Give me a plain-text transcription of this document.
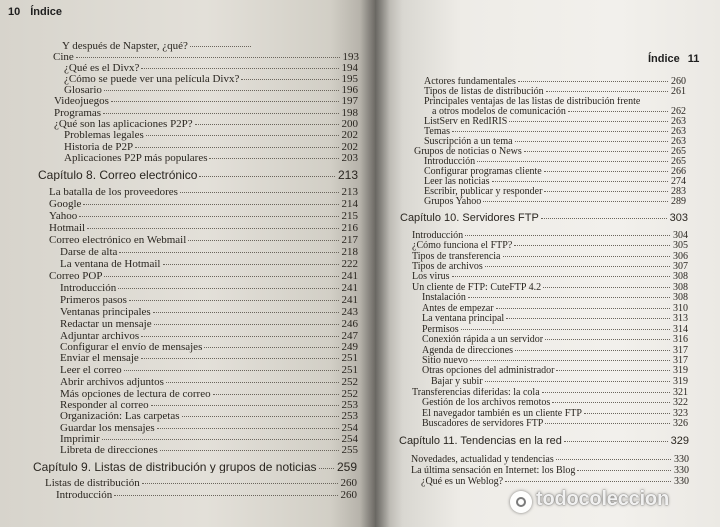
10 Índice
Índice 11
Y después de Napster, ¿qué?
Cine	193
¿Qué es el Divx?	194
¿Cómo se puede ver una película Divx?	195
Glosario	196
Videojuegos	197
Programas	198
¿Qué son las aplicaciones P2P?	200
Problemas legales	202
Historia de P2P	202
Aplicaciones P2P más populares	203
Capítulo 8. Correo electrónico	213
La batalla de los proveedores	213
Google	214
Yahoo	215
Hotmail	216
Correo electrónico en Webmail	217
Darse de alta	218
La ventana de Hotmail	222
Correo POP	241
Introducción	241
Primeros pasos	241
Ventanas principales	243
Redactar un mensaje	246
Adjuntar archivos	247
Configurar el envío de mensajes	249
Enviar el mensaje	251
Leer el correo	251
Abrir archivos adjuntos	252
Más opciones de lectura de correo	252
Responder al correo	253
Organización: Las carpetas	253
Guardar los mensajes	254
Imprimir	254
Libreta de direcciones	255
Capítulo 9. Listas de distribución y grupos de noticias 259
Listas de distribución	260
Introducción	260
Actores fundamentales	260
Tipos de listas de distribución	261
Principales ventajas de las listas de distribución frente
a otros modelos de comunicación	262
ListServ en RedIRIS	263
Temas	263
Suscripción a un tema	263
Grupos de noticias o News	265
Introducción	265
Configurar programas cliente	266
Leer las noticias	274
Escribir, publicar y responder	283
Grupos Yahoo	289
Capítulo 10. Servidores FTP	303
Introducción	304
¿Cómo funciona el FTP?	305
Tipos de transferencia	306
Tipos de archivos	307
Los virus	308
Un cliente de FTP: CuteFTP 4.2	308
Instalación	308
Antes de empezar	310
La ventana principal	313
Permisos	314
Conexión rápida a un servidor	316
Agenda de direcciones	317
Sitio nuevo	317
Otras opciones del administrador	319
Bajar y subir	319
Transferencias diferidas: la cola	321
Gestión de los archivos remotos	322
El navegador también es un cliente FTP	323
Buscadores de servidores FTP	326
Capítulo 11. Tendencias en la red	329
Novedades, actualidad y tendencias	330
La última sensación en Internet: los Blog	330
¿Qué es un Weblog?	330
todocoleccion
